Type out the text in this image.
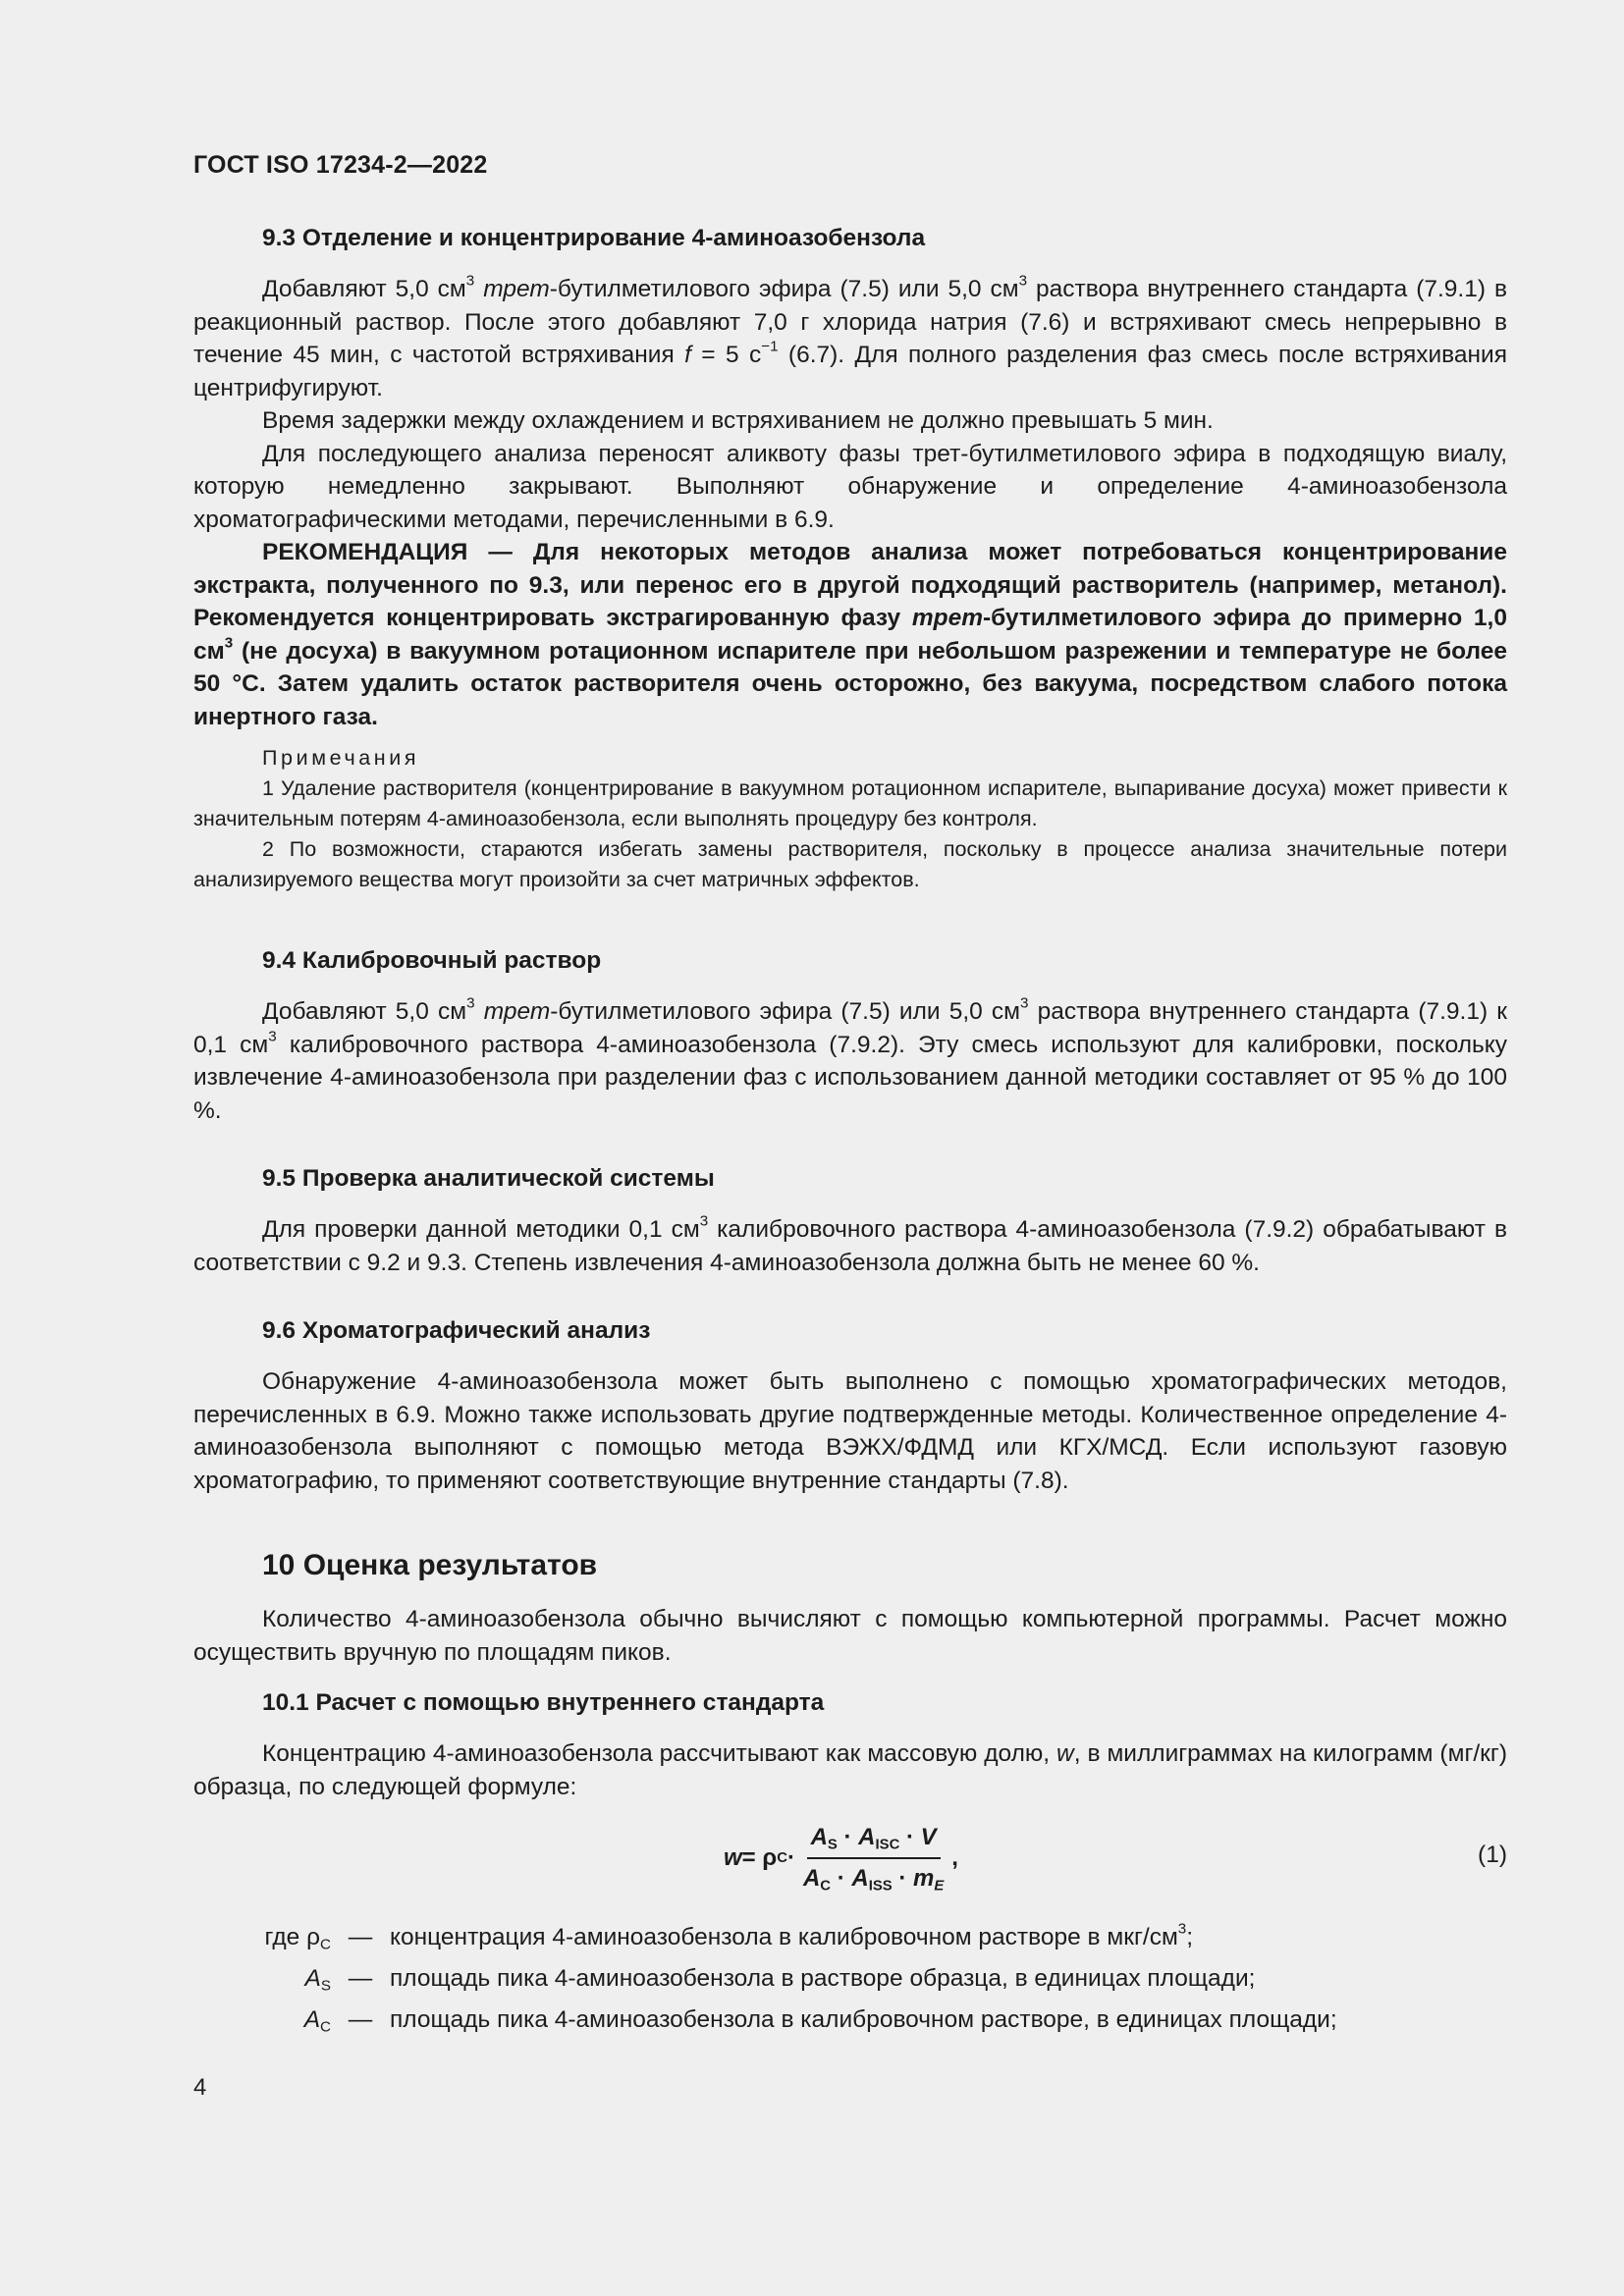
ГОСТ ISO 17234-2—2022
9.3 Отделение и концентрирование 4-аминоазобензола

Добавляют 5,0 $см^3$ трет-бутилметилового эфира (7.5) или 5,0 $см^3$ раствора внутреннего стандарта (7.9.1) в реакционный раствор. После этого добавляют 7,0 г хлорида натрия (7.6) и встряхивают смесь непрерывно в течение 45 мин, с частотой встряхивания f = 5 $с^{-1}$ (6.7). Для полного разделения фаз смесь после встряхивания центрифугируют.

Время задержки между охлаждением и встряхиванием не должно превышать 5 мин.

Для последующего анализа переносят аликвоту фазы трет-бутилметилового эфира в подходящую виалу, которую немедленно закрывают. Выполняют обнаружение и определение 4-аминоазобензола хроматографическими методами, перечисленными в 6.9.

РЕКОМЕНДАЦИЯ — Для некоторых методов анализа может потребоваться концентрирование экстракта, полученного по 9.3, или перенос его в другой подходящий растворитель (например, метанол). Рекомендуется концентрировать экстрагированную фазу трет-бутилметилового эфира до примерно 1,0 $см^3$ (не досуха) в вакуумном ротационном испарителе при небольшом разрежении и температуре не более 50 °С. Затем удалить остаток растворителя очень осторожно, без вакуума, посредством слабого потока инертного газа.

Примечания

1 Удаление растворителя (концентрирование в вакуумном ротационном испарителе, выпаривание досуха) может привести к значительным потерям 4-аминоазобензола, если выполнять процедуру без контроля.

2 По возможности, стараются избегать замены растворителя, поскольку в процессе анализа значительные потери анализируемого вещества могут произойти за счет матричных эффектов.

9.4 Калибровочный раствор

Добавляют 5,0 $см^3$ трет-бутилметилового эфира (7.5) или 5,0 $см^3$ раствора внутреннего стандарта (7.9.1) к 0,1 $см^3$ калибровочного раствора 4-аминоазобензола (7.9.2). Эту смесь используют для калибровки, поскольку извлечение 4-аминоазобензола при разделении фаз с использованием данной методики составляет от 95 % до 100 %.

9.5 Проверка аналитической системы

Для проверки данной методики 0,1 $см^3$ калибровочного раствора 4-аминоазобензола (7.9.2) обрабатывают в соответствии с 9.2 и 9.3. Степень извлечения 4-аминоазобензола должна быть не менее 60 %.

9.6 Хроматографический анализ

Обнаружение 4-аминоазобензола может быть выполнено с помощью хроматографических методов, перечисленных в 6.9. Можно также использовать другие подтвержденные методы. Количественное определение 4-аминоазобензола выполняют с помощью метода ВЭЖХ/ФДМД или КГХ/МСД. Если используют газовую хроматографию, то применяют соответствующие внутренние стандарты (7.8).

10 Оценка результатов

Количество 4-аминоазобензола обычно вычисляют с помощью компьютерной программы. Расчет можно осуществить вручную по площадям пиков.

10.1 Расчет с помощью внутреннего стандарта

Концентрацию 4-аминоазобензола рассчитывают как массовую долю, w, в миллиграммах на килограмм (мг/кг) образца, по следующей формуле:

w = ρ $C \cdot \frac{A_S \cdot A_{ISC} \cdot V}{A_C \cdot A_{ISS} \cdot m_E}$ ,	(1)
где $\rho_C$ — концентрация 4-аминоазобензола в калибровочном растворе в мкг/$см^3$;
$A_S$ — площадь пика 4-аминоазобензола в растворе образца, в единицах площади;
$A_C$ — площадь пика 4-аминоазобензола в калибровочном растворе, в единицах площади;
4
